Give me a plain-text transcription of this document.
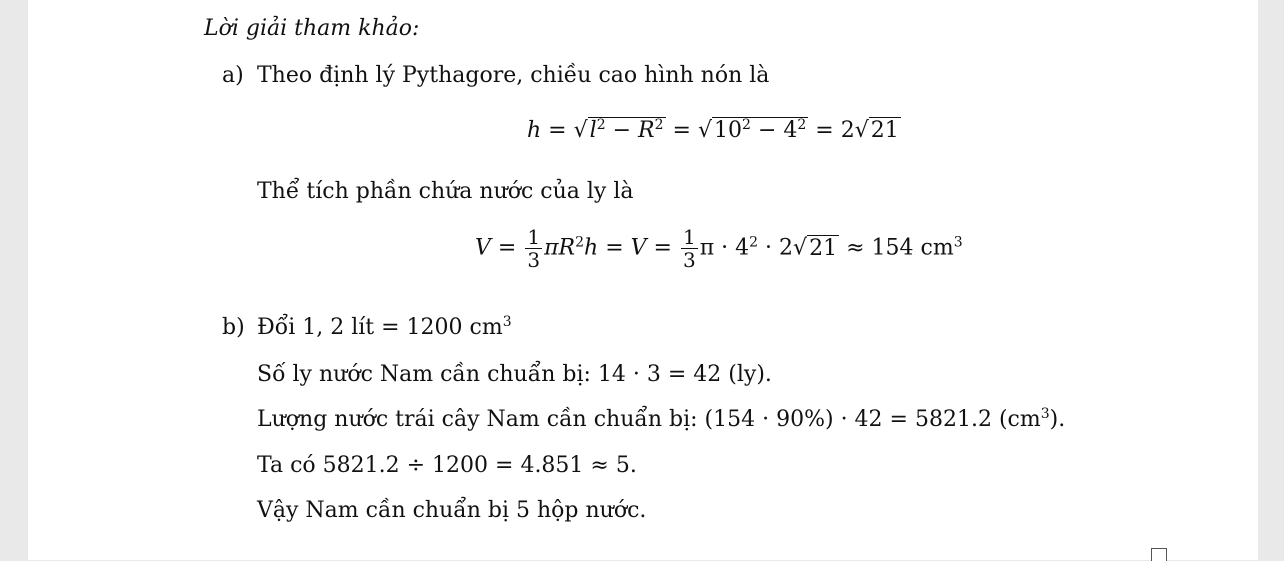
Lời giải tham khảo:
a) Theo định lý Pythagore, chiều cao hình nón là
$h = √l^2 - R^2 = √10^2 - 4^2 = 2√21$
Thể tích phần chứa nước của ly là
$V = \frac{1}{3} \pi R^2h = V = \frac{1}{3}$ $\pi \cdot 4^2 \cdot 2√21 \approx 154$ $cm^3$
b) Đổi 1, 2 lít = 1200 $cm^3$
Số ly nước Nam cần chuẩn bị: 14 · 3 = 42 (ly).
Lượng nước trái cây Nam cần chuẩn bị: (154 · 90%) · 42 = 5821.2 $(cm^3)$.
Ta có 5821.2 ÷ 1200 = 4.851 ≈ 5.
Vậy Nam cần chuẩn bị 5 hộp nước.
